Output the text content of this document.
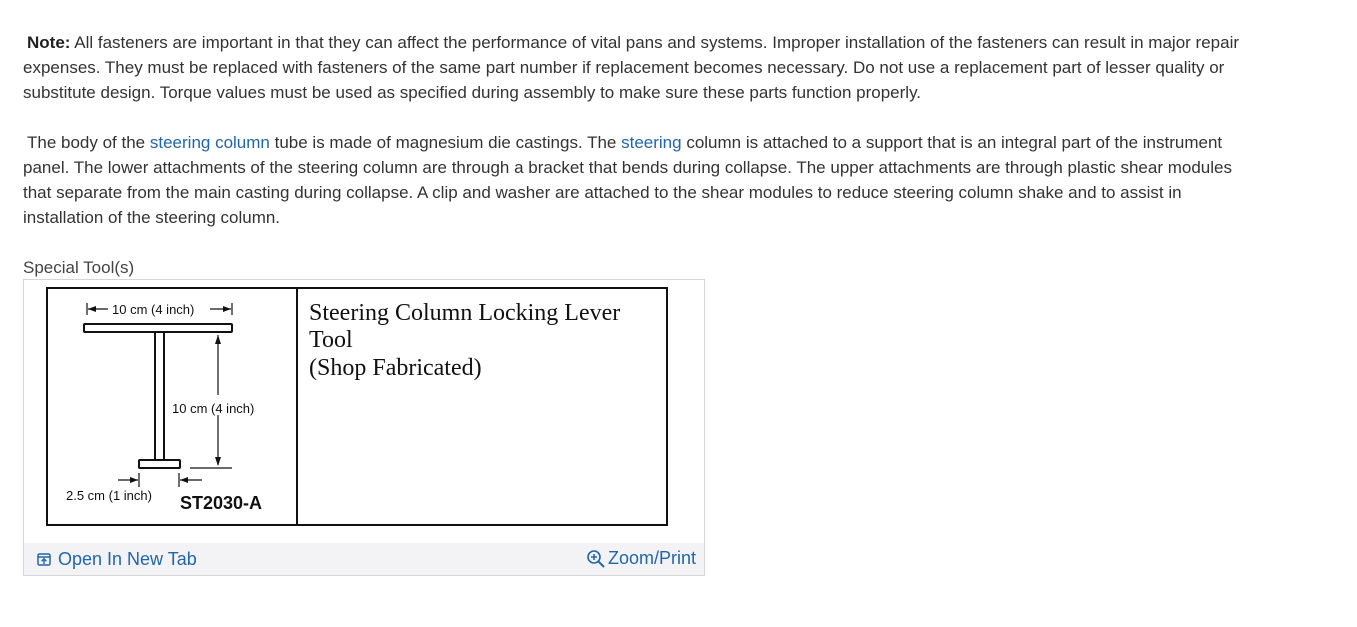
Note: All fasteners are important in that they can affect the performance of vital pans and systems. Improper installation of the fasteners can result in major repair expenses. They must be replaced with fasteners of the same part number if replacement becomes necessary. Do not use a replacement part of lesser quality or substitute design. Torque values must be used as specified during assembly to make sure these parts function properly.

The body of the steering column tube is made of magnesium die castings. The steering column is attached to a support that is an integral part of the instrument panel. The lower attachments of the steering column are through a bracket that bends during collapse. The upper attachments are through plastic shear modules that separate from the main casting during collapse. A clip and washer are attached to the shear modules to reduce steering column shake and to assist in installation of the steering column.

Special Tool(s)
10 cm (4 inch)
10 cm (4 inch)
2.5 cm (1 inch) ST2030-A
Steering Column Locking Lever
Tool
(Shop Fabricated)
Open In New Tab	Zoom/Print
